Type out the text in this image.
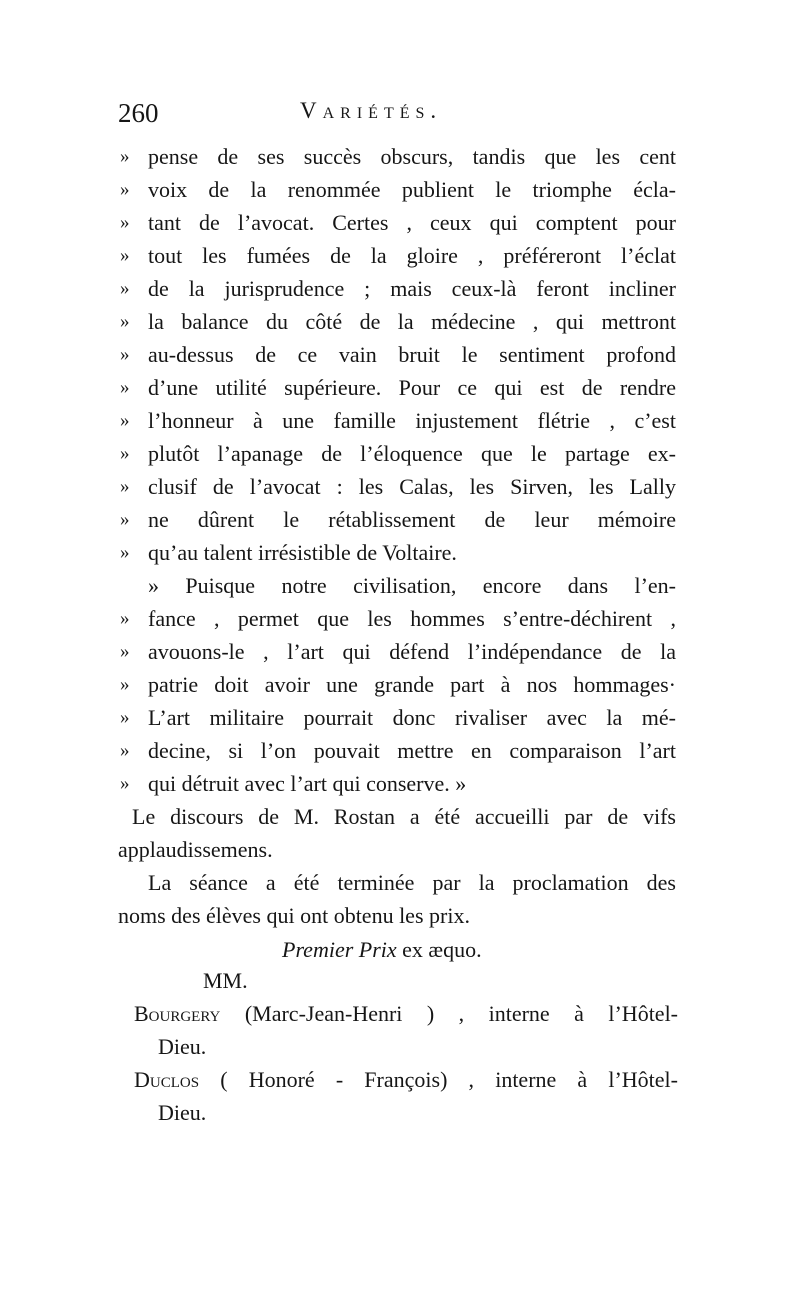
260	Variétés.
»
»
»
»
»
»
»
»
»
»
»
»
»
pense de ses succès obscurs, tandis que les cent
voix de la renommée publient le triomphe écla-
tant de l’avocat. Certes , ceux qui comptent pour
tout les fumées de la gloire , préféreront l’éclat
de la jurisprudence ; mais ceux-là feront incliner
la balance du côté de la médecine , qui mettront
au-dessus de ce vain bruit le sentiment profond
d’une utilité supérieure. Pour ce qui est de rendre
l’honneur à une famille injustement flétrie , c’est
plutôt l’apanage de l’éloquence que le partage ex-
clusif de l’avocat : les Calas, les Sirven, les Lally
ne dûrent le rétablissement de leur mémoire
qu’au talent irrésistible de Voltaire.
» Puisque notre civilisation, encore dans l’en-
»
»
»
»
»
»
fance , permet que les hommes s’entre-déchirent ,
avouons-le , l’art qui défend l’indépendance de la
patrie doit avoir une grande part à nos hommages·
L’art militaire pourrait donc rivaliser avec la mé-
decine, si l’on pouvait mettre en comparaison l’art
qui détruit avec l’art qui conserve. »
Le discours de M. Rostan a été accueilli par de vifs
applaudissemens.
La séance a été terminée par la proclamation des
noms des élèves qui ont obtenu les prix.
Premier Prix ex æquo.
MM.
Bourgery (Marc-Jean-Henri ) , interne à l’Hôtel-
Dieu.
Duclos ( Honoré - François) , interne à l’Hôtel-
Dieu.
